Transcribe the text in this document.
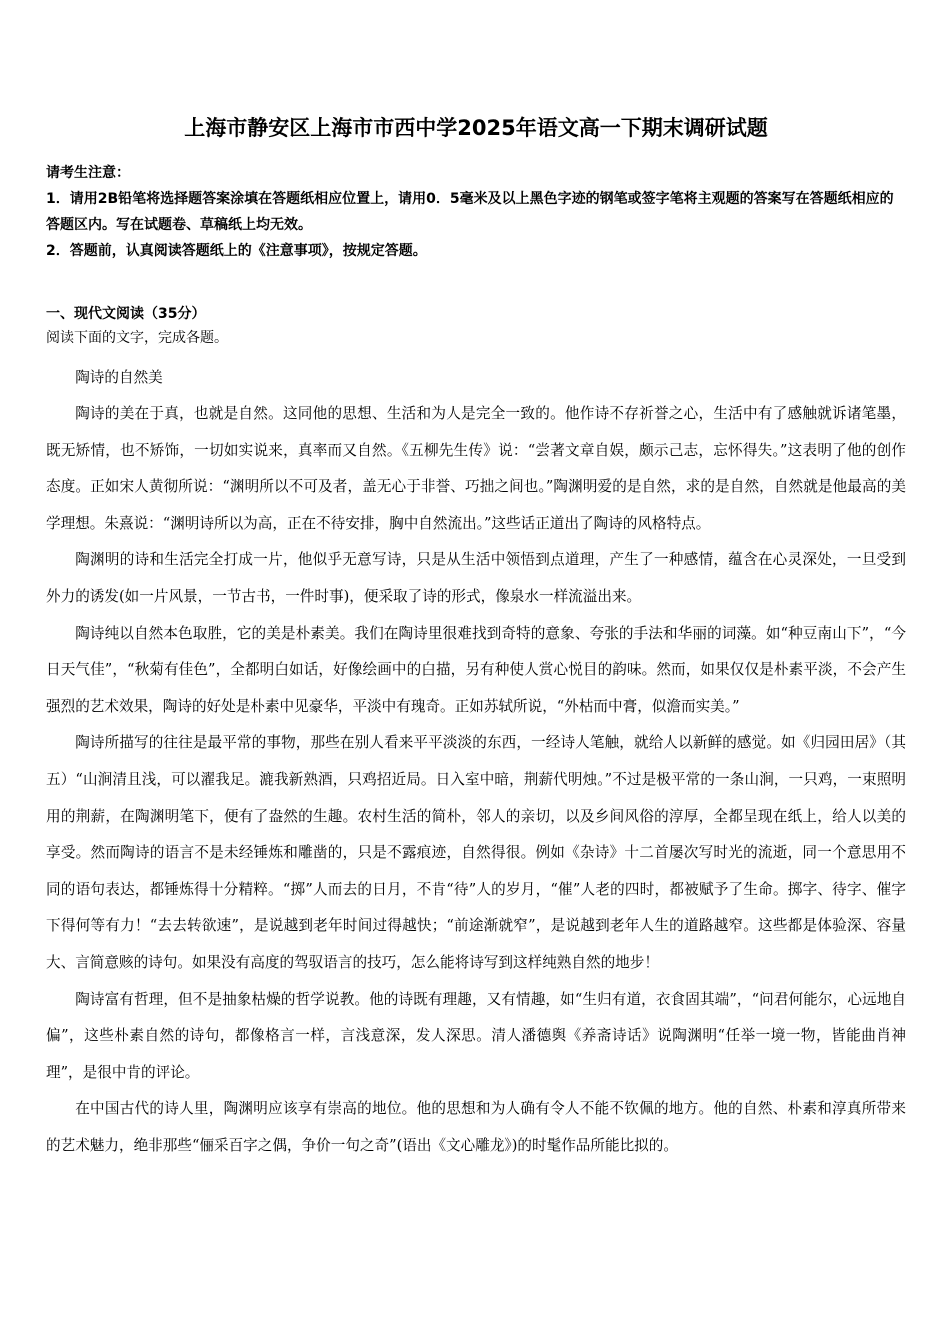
上海市静安区上海市市西中学2025年语文高一下期末调研试题

请考生注意：

1．请用2B铅笔将选择题答案涂填在答题纸相应位置上，请用0．5毫米及以上黑色字迹的钢笔或签字笔将主观题的答案写在答题纸相应的答题区内。写在试题卷、草稿纸上均无效。

2．答题前，认真阅读答题纸上的《注意事项》，按规定答题。

一、现代文阅读（35分）
阅读下面的文字，完成各题。
陶诗的自然美

陶诗的美在于真，也就是自然。这同他的思想、生活和为人是完全一致的。他作诗不存祈誉之心，生活中有了感触就诉诸笔墨，既无矫情，也不矫饰，一切如实说来，真率而又自然。《五柳先生传》说：“尝著文章自娱，颇示己志，忘怀得失。”这表明了他的创作态度。正如宋人黄彻所说：“渊明所以不可及者，盖无心于非誉、巧拙之间也。”陶渊明爱的是自然，求的是自然，自然就是他最高的美学理想。朱熹说：“渊明诗所以为高，正在不待安排，胸中自然流出。”这些话正道出了陶诗的风格特点。

陶渊明的诗和生活完全打成一片，他似乎无意写诗，只是从生活中领悟到点道理，产生了一种感情，蕴含在心灵深处，一旦受到外力的诱发(如一片风景，一节古书，一件时事)，便采取了诗的形式，像泉水一样流溢出来。

陶诗纯以自然本色取胜，它的美是朴素美。我们在陶诗里很难找到奇特的意象、夸张的手法和华丽的词藻。如“种豆南山下”，“今日天气佳”，“秋菊有佳色”，全都明白如话，好像绘画中的白描，另有种使人赏心悦目的韵味。然而，如果仅仅是朴素平淡，不会产生强烈的艺术效果，陶诗的好处是朴素中见豪华，平淡中有瑰奇。正如苏轼所说，“外枯而中膏，似澹而实美。”

陶诗所描写的往往是最平常的事物，那些在别人看来平平淡淡的东西，一经诗人笔触，就给人以新鲜的感觉。如《归园田居》（其五）“山涧清且浅，可以濯我足。漉我新熟酒，只鸡招近局。日入室中暗，荆薪代明烛。”不过是极平常的一条山涧，一只鸡，一束照明用的荆薪，在陶渊明笔下，便有了盎然的生趣。农村生活的简朴，邻人的亲切，以及乡间风俗的淳厚，全都呈现在纸上，给人以美的享受。然而陶诗的语言不是未经锤炼和雕凿的，只是不露痕迹，自然得很。例如《杂诗》十二首屡次写时光的流逝，同一个意思用不同的语句表达，都锤炼得十分精粹。“掷”人而去的日月，不肯“待”人的岁月，“催”人老的四时，都被赋予了生命。掷字、待字、催字下得何等有力！“去去转欲速”，是说越到老年时间过得越快；“前途渐就窄”，是说越到老年人生的道路越窄。这些都是体验深、容量大、言简意赅的诗句。如果没有高度的驾驭语言的技巧，怎么能将诗写到这样纯熟自然的地步！

陶诗富有哲理，但不是抽象枯燥的哲学说教。他的诗既有理趣，又有情趣，如“生归有道，衣食固其端”，“问君何能尔，心远地自偏”，这些朴素自然的诗句，都像格言一样，言浅意深，发人深思。清人潘德舆《养斋诗话》说陶渊明“任举一境一物，皆能曲肖神理”，是很中肯的评论。

在中国古代的诗人里，陶渊明应该享有崇高的地位。他的思想和为人确有令人不能不钦佩的地方。他的自然、朴素和淳真所带来的艺术魅力，绝非那些“俪采百字之偶，争价一句之奇”(语出《文心雕龙》)的时髦作品所能比拟的。
